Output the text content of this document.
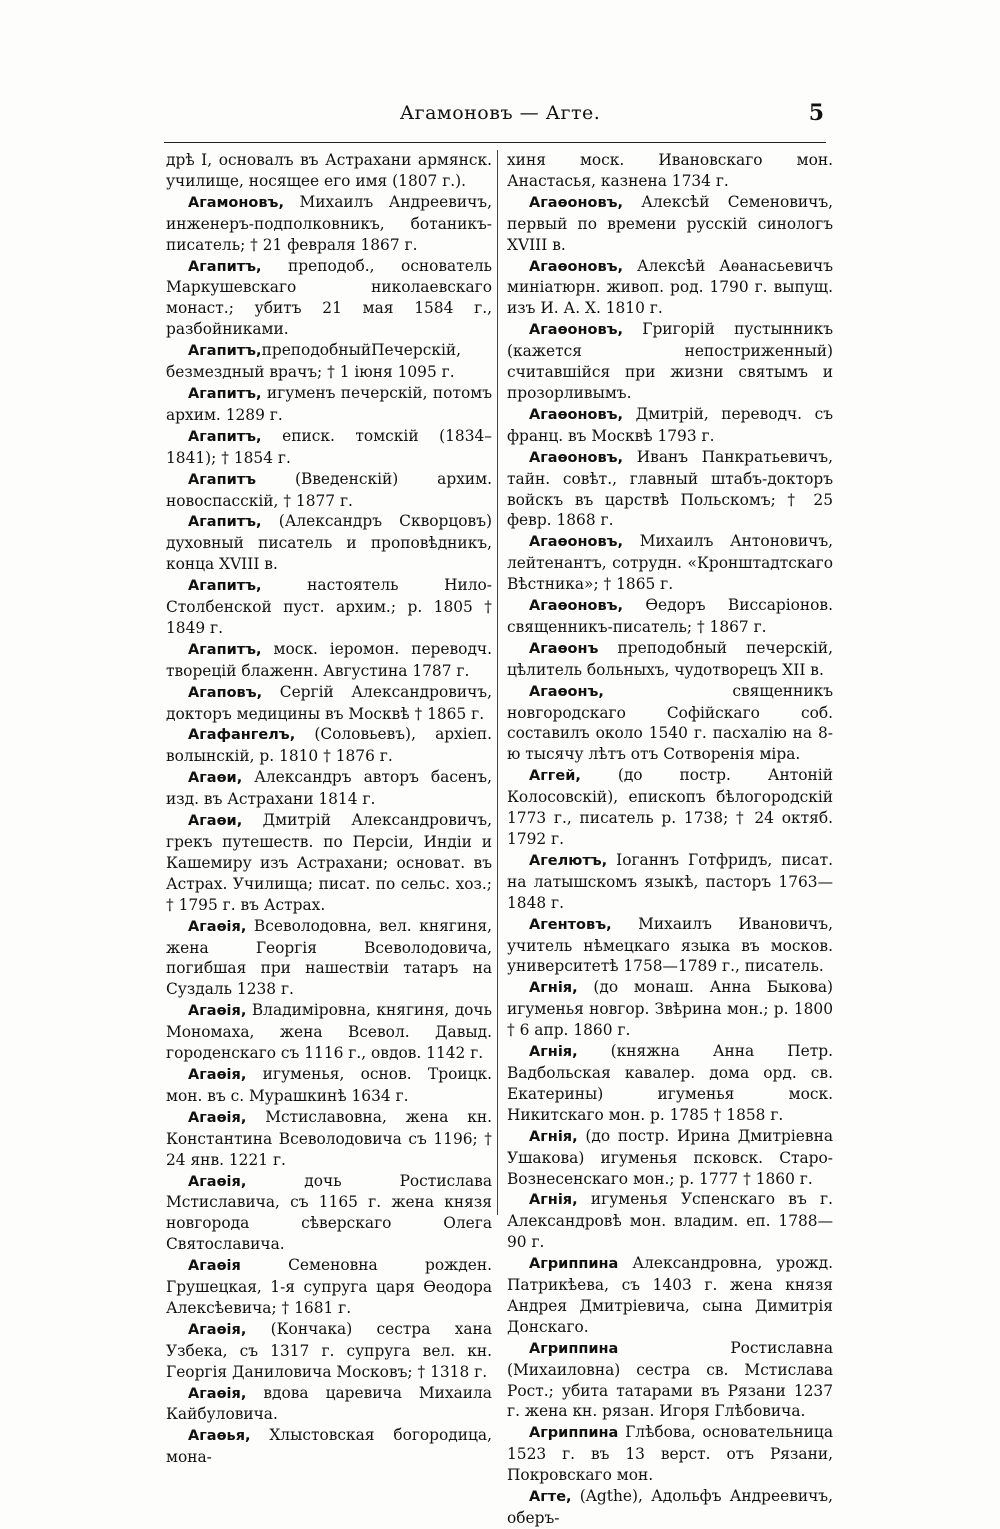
Агамоновъ — Агте.	5

дрѣ I, основалъ въ Астрахани армянск. училище, носящее его имя (1807 г.).

Агамоновъ, Михаилъ Андреевичъ, инженеръ-подполковникъ, ботаникъ-писатель; † 21 февраля 1867 г.

Агапитъ, преподоб., основатель Маркушевскаго николаевскаго монаст.; убитъ 21 мая 1584 г., разбойниками.

Агапитъ,преподобныйПечерскій, безмездный врачъ; † 1 іюня 1095 г.

Агапитъ, игуменъ печерскій, потомъ архим. 1289 г.

Агапитъ, еписк. томскій (1834– 1841); † 1854 г.

Агапитъ (Введенскій) архим. новоспасскій, † 1877 г.

Агапитъ, (Александръ Скворцовъ) духовный писатель и проповѣдникъ, конца XVIII в.

Агапитъ, настоятель Нило-Столбенской пуст. архим.; р. 1805 † 1849 г.

Агапитъ, моск. іеромон. переводч. творецій блаженн. Августина 1787 г.

Агаповъ, Сергій Александровичъ, докторъ медицины въ Москвѣ † 1865 г.

Агафангелъ, (Соловьевъ), архіеп. волынскій, р. 1810 † 1876 г.

Агаѳи, Александръ авторъ басенъ, изд. въ Астрахани 1814 г.

Агаѳи, Дмитрій Александровичъ, грекъ путешеств. по Персіи, Индіи и Кашемиру изъ Астрахани; основат. въ Астрах. Училища; писат. по сельс. хоз.; † 1795 г. въ Астрах.

Агаѳія, Всеволодовна, вел. княгиня, жена Георгія Всеволодовича, погибшая при нашествіи татаръ на Суздаль 1238 г.

Агаѳія, Владиміровна, княгиня, дочь Мономаха, жена Всевол. Давыд. городенскаго съ 1116 г., овдов. 1142 г.

Агаѳія, игуменья, основ. Троицк. мон. въ с. Мурашкинѣ 1634 г.

Агаѳія, Мстиславовна, жена кн. Константина Всеволодовича съ 1196; † 24 янв. 1221 г.

Агаѳія, дочь Ростислава Мстиславича, съ 1165 г. жена князя новгорода сѣверскаго Олега Святославича.

Агаѳія Семеновна рожден. Грушецкая, 1-я супруга царя Ѳеодора Алексѣевича; † 1681 г.

Агаѳія, (Кончака) сестра хана Узбека, съ 1317 г. супруга вел. кн. Георгія Даниловича Московъ; † 1318 г.

Агаѳія, вдова царевича Михаила Кайбуловича.

Агаѳья, Хлыстовская богородица, мона-

хиня моск. Ивановскаго мон. Анастасья, казнена 1734 г.

Агаѳоновъ, Алексѣй Семеновичъ, первый по времени русскій синологъ XVIII в.

Агаѳоновъ, Алексѣй Аѳанасьевичъ миніатюрн. живоп. род. 1790 г. выпущ. изъ И. А. Х. 1810 г.

Агаѳоновъ, Григорій пустынникъ (кажется непостриженный) считавшійся при жизни святымъ и прозорливымъ.

Агаѳоновъ, Дмитрій, переводч. съ франц. въ Москвѣ 1793 г.

Агаѳоновъ, Иванъ Панкратьевичъ, тайн. совѣт., главный штабъ-докторъ войскъ въ царствѣ Польскомъ; † 25 февр. 1868 г.

Агаѳоновъ, Михаилъ Антоновичъ, лейтенантъ, сотрудн. «Кронштадтскаго Вѣстника»; † 1865 г.

Агаѳоновъ, Ѳедоръ Виссаріонов. священникъ-писатель; † 1867 г.

Агаѳонъ преподобный печерскій, цѣлитель больныхъ, чудотворецъ XII в.

Агаѳонъ, священникъ новгородскаго Софійскаго соб. составилъ около 1540 г. пасхалію на 8-ю тысячу лѣтъ отъ Сотворенія міра.

Аггей, (до постр. Антоній Колосовскій), епископъ бѣлогородскій 1773 г., писатель р. 1738; † 24 октяб. 1792 г.

Агелютъ, Іоганнъ Готфридъ, писат. на латышскомъ языкѣ, пасторъ 1763—1848 г.

Агентовъ, Михаилъ Ивановичъ, учитель нѣмецкаго языка въ москов. университетѣ 1758—1789 г., писатель.

Агнія, (до монаш. Анна Быкова) игуменья новгор. Звѣрина мон.; р. 1800 † 6 апр. 1860 г.

Агнія, (княжна Анна Петр. Вадбольская кавалер. дома орд. св. Екатерины) игуменья моск. Никитскаго мон. р. 1785 † 1858 г.

Агнія, (до постр. Ирина Дмитріевна Ушакова) игуменья псковск. Старо-Вознесенскаго мон.; р. 1777 † 1860 г.

Агнія, игуменья Успенскаго въ г. Александровѣ мон. владим. еп. 1788—90 г.

Агриппина Александровна, урожд. Патрикѣева, съ 1403 г. жена князя Андрея Дмитріевича, сына Димитрія Донскаго.

Агриппина Ростиславна (Михаиловна) сестра св. Мстислава Рост.; убита татарами въ Рязани 1237 г. жена кн. рязан. Игоря Глѣбовича.

Агриппина Глѣбова, основательница 1523 г. въ 13 верст. отъ Рязани, Покровскаго мон.

Агте, (Agthe), Адольфъ Андреевичъ, оберъ-
